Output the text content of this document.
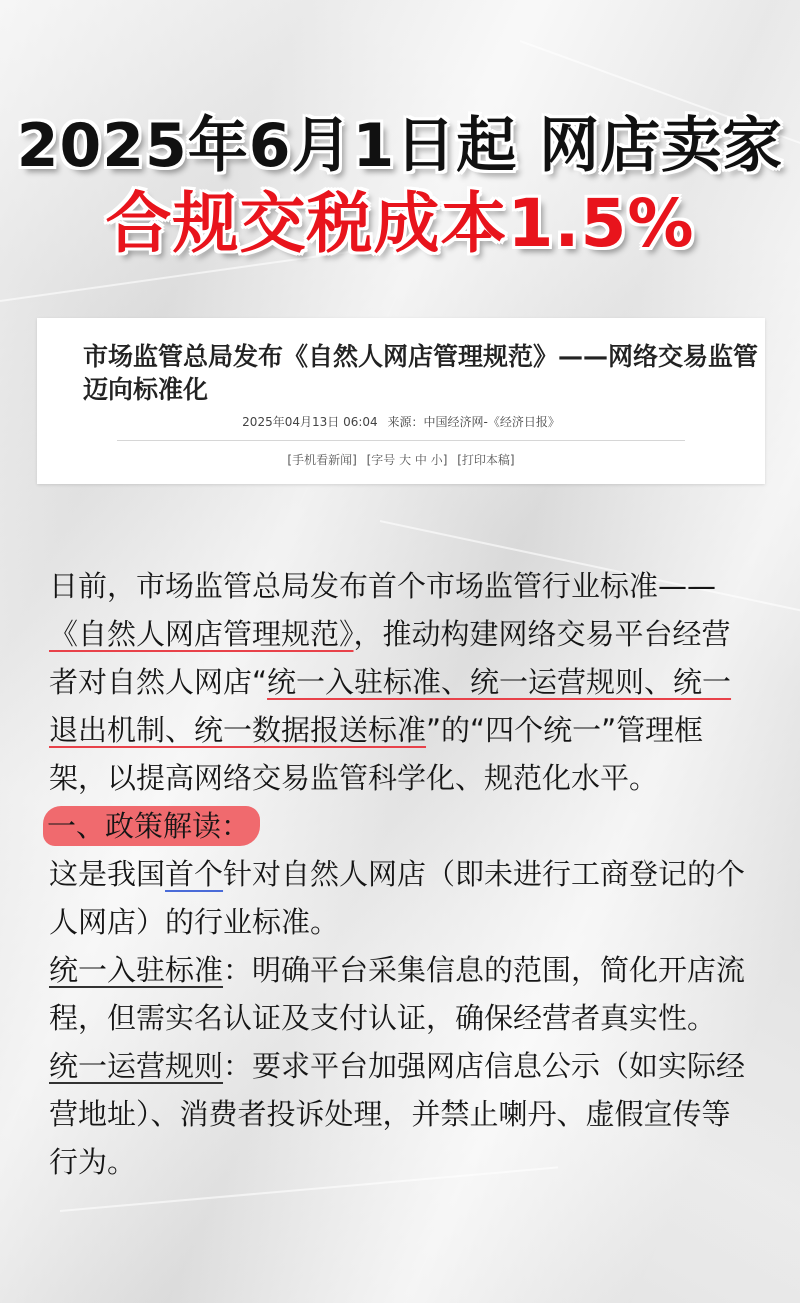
2025年6月1日起 网店卖家
合规交税成本1.5%
市场监管总局发布《自然人网店管理规范》——网络交易监管迈向标准化
2025年04月13日 06:04 来源：中国经济网-《经济日报》
[手机看新闻] [字号 大 中 小] [打印本稿]

日前，市场监管总局发布首个市场监管行业标准——《自然人网店管理规范》，推动构建网络交易平台经营者对自然人网店“统一入驻标准、统一运营规则、统一退出机制、统一数据报送标准”的“四个统一”管理框架，以提高网络交易监管科学化、规范化水平。

一、政策解读：

这是我国首个针对自然人网店（即未进行工商登记的个人网店）的行业标准。

统一入驻标准：明确平台采集信息的范围，简化开店流程，但需实名认证及支付认证，确保经营者真实性。

统一运营规则：要求平台加强网店信息公示（如实际经营地址）、消费者投诉处理，并禁止喇丹、虚假宣传等行为。
